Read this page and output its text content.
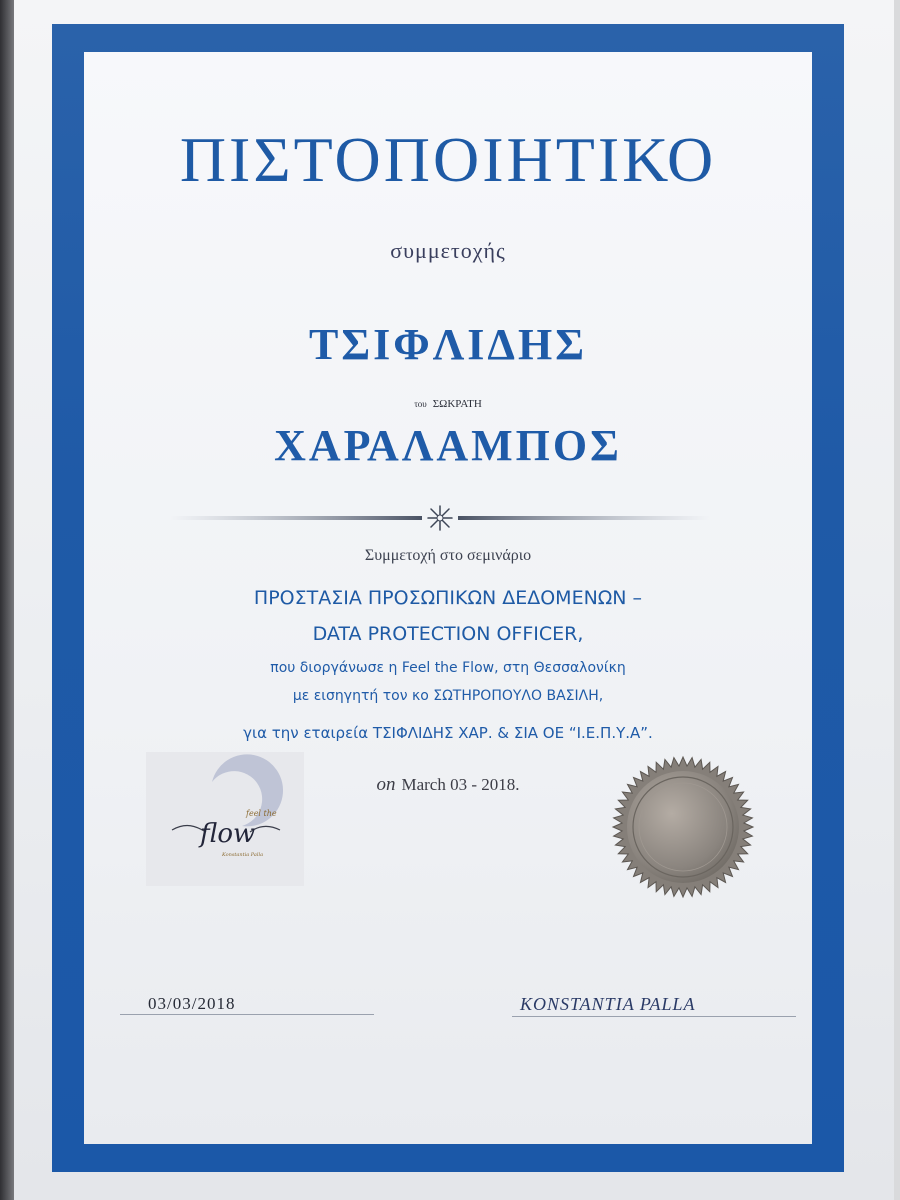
ΠΙΣΤΟΠΟΙΗΤΙΚΟ
συμμετοχής
ΤΣΙΦΛΙΔΗΣ
του ΣΩΚΡΑΤΗ
ΧΑΡΑΛΑΜΠΟΣ
Συμμετοχή στο σεμινάριο
ΠΡΟΣΤΑΣΙΑ ΠΡΟΣΩΠΙΚΩΝ ΔΕΔΟΜΕΝΩΝ –
DATA PROTECTION OFFICER,
που διοργάνωσε η Feel the Flow, στη Θεσσαλονίκη
με εισηγητή τον κο ΣΩΤΗΡΟΠΟΥΛΟ ΒΑΣΙΛΗ,
για την εταιρεία ΤΣΙΦΛΙΔΗΣ ΧΑΡ. & ΣΙΑ ΟΕ “Ι.Ε.Π.Υ.Α”.
on March 03 - 2018.
feel the
flow
Konstantia Palla
03/03/2018	KONSTANTIA PALLA
